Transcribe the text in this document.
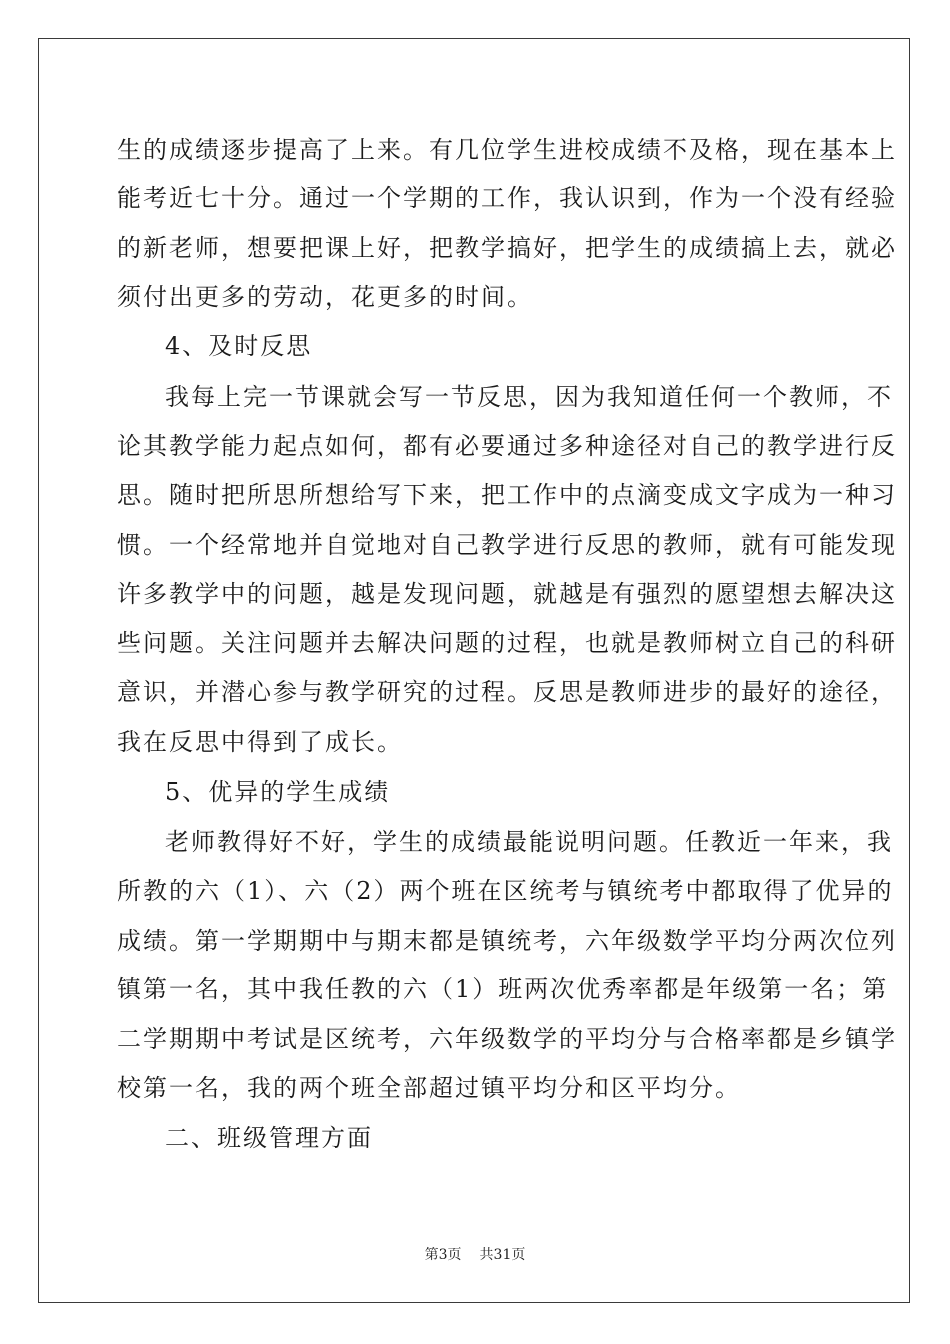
生的成绩逐步提高了上来。有几位学生进校成绩不及格，现在基本上
能考近七十分。通过一个学期的工作，我认识到，作为一个没有经验
的新老师，想要把课上好，把教学搞好，把学生的成绩搞上去，就必
须付出更多的劳动，花更多的时间。
4、及时反思
我每上完一节课就会写一节反思，因为我知道任何一个教师，不
论其教学能力起点如何，都有必要通过多种途径对自己的教学进行反
思。随时把所思所想给写下来，把工作中的点滴变成文字成为一种习
惯。一个经常地并自觉地对自己教学进行反思的教师，就有可能发现
许多教学中的问题，越是发现问题，就越是有强烈的愿望想去解决这
些问题。关注问题并去解决问题的过程，也就是教师树立自己的科研
意识，并潜心参与教学研究的过程。反思是教师进步的最好的途径，
我在反思中得到了成长。
5、优异的学生成绩
老师教得好不好，学生的成绩最能说明问题。任教近一年来，我
所教的六（1）、六（2）两个班在区统考与镇统考中都取得了优异的
成绩。第一学期期中与期末都是镇统考，六年级数学平均分两次位列
镇第一名，其中我任教的六（1）班两次优秀率都是年级第一名；第
二学期期中考试是区统考，六年级数学的平均分与合格率都是乡镇学
校第一名，我的两个班全部超过镇平均分和区平均分。
二、班级管理方面
第3页 共31页
